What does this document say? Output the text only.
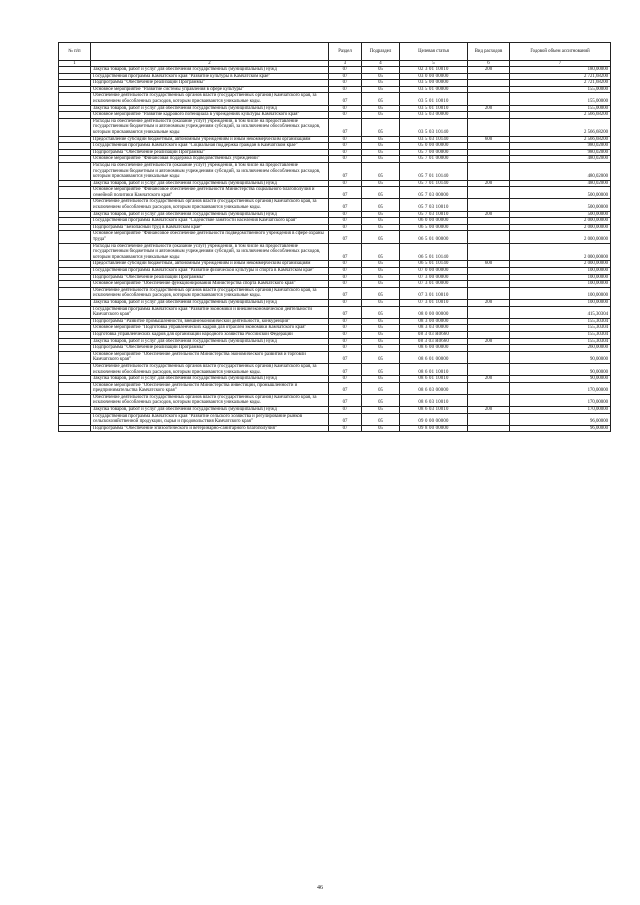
№ п/п		Раздел	Подраздел	Целевая статья	Вид расходов	Годовой объем ассигнований
1	2	3	4	5	6	7
	Закупка товаров, работ и услуг для обеспечения государственных (муниципальных) нужд	07	05	02 3 01 10010	200	180,00000
	Государственная программа Камчатского края "Развитие культуры в Камчатском крае"	07	05	03 0 00 00000		2 721,68200
	Подпрограмма "Обеспечение реализации Программы"	07	05	03 5 00 00000		2 721,68200
	Основное мероприятие "Развитие системы управления в сфере культуры"	07	05	03 5 01 00000		155,00000
	Обеспечение деятельности государственных органов власти (государственных органов) Камчатского края, за исключением обособленных расходов, которым присваиваются уникальные коды.	07	05	03 5 01 10010		155,00000
	Закупка товаров, работ и услуг для обеспечения государственных (муниципальных) нужд	07	05	03 5 01 10010	200	155,00000
	Основное мероприятие "Развитие кадрового потенциала в учреждениях культуры Камчатского края"	07	05	03 5 03 00000		2 566,68200
	Расходы на обеспечение деятельности (оказание услуг) учреждений, в том числе на предоставление государственным бюджетным и автономным учреждениям субсидий, за исключением обособленных расходов, которым присваиваются уникальные коды	07	05	03 5 03 10140		2 566,68200
	Предоставление субсидий бюджетным, автономным учреждениям и иным некоммерческим организациям	07	05	03 5 03 10140	600	2 566,68200
	Государственная программа Камчатского края "Социальная поддержка граждан в Камчатском крае"	07	05	05 0 00 00000		980,02000
	Подпрограмма "Обеспечение реализации Программы"	07	05	05 7 00 00000		980,02000
	Основное мероприятие "Финансовая поддержка подведомственных учреждений"	07	05	05 7 01 00000		480,02000
	Расходы на обеспечение деятельности (оказание услуг) учреждений, в том числе на предоставление государственным бюджетным и автономным учреждениям субсидий, за исключением обособленных расходов, которым присваиваются уникальные коды	07	05	05 7 01 10140		480,02000
	Закупка товаров, работ и услуг для обеспечения государственных (муниципальных) нужд	07	05	05 7 01 10140	200	480,02000
	Основное мероприятие "Финансовое обеспечение деятельности Министерства социального благополучия и семейной политики Камчатского края"	07	05	05 7 03 00000		500,00000
	Обеспечение деятельности государственных органов власти (государственных органов) Камчатского края, за исключением обособленных расходов, которым присваиваются уникальные коды.	07	05	05 7 03 10010		500,00000
	Закупка товаров, работ и услуг для обеспечения государственных (муниципальных) нужд	07	05	05 7 03 10010	200	500,00000
	Государственная программа Камчатского края "Содействие занятости населения Камчатского края"	07	05	06 0 00 00000		2 000,00000
	Подпрограмма "Безопасный труд в Камчатском крае"	07	05	06 5 00 00000		2 000,00000
	Основное мероприятие "Финансовое обеспечение деятельности подведомственного учреждения в сфере охраны труда"	07	05	06 5 01 00000		2 000,00000
	Расходы на обеспечение деятельности (оказание услуг) учреждений, в том числе на предоставление государственным бюджетным и автономным учреждениям субсидий, за исключением обособленных расходов, которым присваиваются уникальные коды	07	05	06 5 01 10140		2 000,00000
	Предоставление субсидий бюджетным, автономным учреждениям и иным некоммерческим организациям	07	05	06 5 01 10140	600	2 000,00000
	Государственная программа Камчатского края "Развитие физической культуры и спорта в Камчатском крае"	07	05	07 0 00 00000		100,00000
	Подпрограмма "Обеспечение реализации Программы"	07	05	07 3 00 00000		100,00000
	Основное мероприятие "Обеспечение функционирования Министерства спорта Камчатского края"	07	05	07 3 01 00000		100,00000
	Обеспечение деятельности государственных органов власти (государственных органов) Камчатского края, за исключением обособленных расходов, которым присваиваются уникальные коды.	07	05	07 3 01 10010		100,00000
	Закупка товаров, работ и услуг для обеспечения государственных (муниципальных) нужд	07	05	07 3 01 10010	200	100,00000
	Государственная программа Камчатского края "Развитие экономики и внешнеэкономической деятельности Камчатского края"	07	05	08 0 00 00000		415,30304
	Подпрограмма "Развитие промышленности, внешнеэкономической деятельности, конкуренции"	07	05	08 3 00 00000		155,30304
	Основное мероприятие "Подготовка управленческих кадров для отраслей экономики Камчатского края"	07	05	08 3 03 00000		155,30304
	Подготовка управленческих кадров для организаций народного хозяйства Российской Федерации	07	05	08 3 03 R0660		155,30304
	Закупка товаров, работ и услуг для обеспечения государственных (муниципальных) нужд	07	05	08 3 03 R0660	200	155,30304
	Подпрограмма "Обеспечение реализации Программы"	07	05	08 6 00 00000		260,00000
	Основное мероприятие "Обеспечение деятельности Министерства экономического развития и торговли Камчатского края"	07	05	08 6 01 00000		90,00000
	Обеспечение деятельности государственных органов власти (государственных органов) Камчатского края, за исключением обособленных расходов, которым присваиваются уникальные коды.	07	05	08 6 01 10010		90,00000
	Закупка товаров, работ и услуг для обеспечения государственных (муниципальных) нужд	07	05	08 6 01 10010	200	90,00000
	Основное мероприятие "Обеспечение деятельности Министерства инвестиций, промышленности и предпринимательства Камчатского края"	07	05	08 6 03 00000		170,00000
	Обеспечение деятельности государственных органов власти (государственных органов) Камчатского края, за исключением обособленных расходов, которым присваиваются уникальные коды.	07	05	08 6 03 10010		170,00000
	Закупка товаров, работ и услуг для обеспечения государственных (муниципальных) нужд	07	05	08 6 03 10010	200	170,00000
	Государственная программа Камчатского края "Развитие сельского хозяйства и регулирование рынков сельскохозяйственной продукции, сырья и продовольствия Камчатского края"	07	05	09 0 00 00000		96,00000
	Подпрограмма "Обеспечение эпизоотического и ветеринарно-санитарного благополучия"	07	05	09 8 00 00000		96,00000
46
